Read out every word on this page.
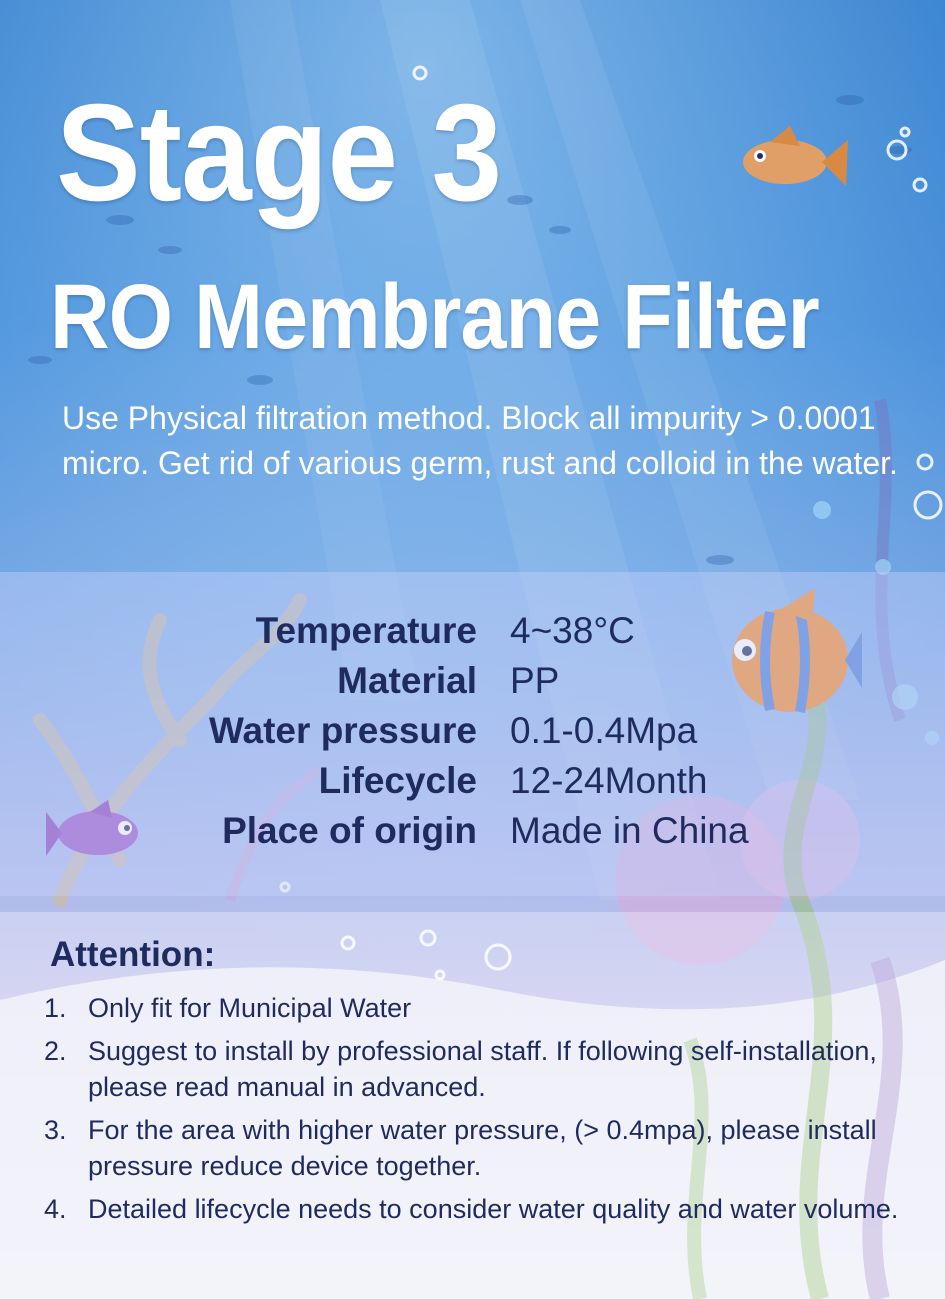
Stage 3
RO Membrane Filter
Use Physical filtration method. Block all impurity > 0.0001 micro. Get rid of various germ, rust and colloid in the water.
Temperature 4~38°C
Material PP
Water pressure 0.1-0.4Mpa
Lifecycle 12-24Month
Place of origin Made in China
Attention:
1. Only fit for Municipal Water
2. Suggest to install by professional staff. If following self-installation, please read manual in advanced.
3. For the area with higher water pressure, (> 0.4mpa), please install pressure reduce device together.
4. Detailed lifecycle needs to consider water quality and water volume.
